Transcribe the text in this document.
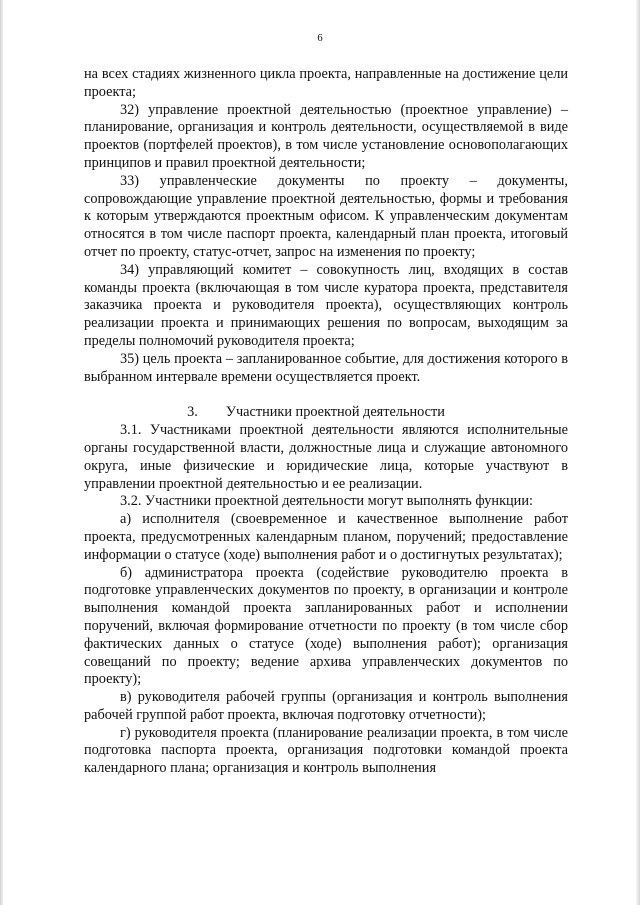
6

на всех стадиях жизненного цикла проекта, направленные на достижение цели проекта;

32) управление проектной деятельностью (проектное управление) – планирование, организация и контроль деятельности, осуществляемой в виде проектов (портфелей проектов), в том числе установление основополагающих принципов и правил проектной деятельности;

33) управленческие документы по проекту – документы, сопровождающие управление проектной деятельностью, формы и требования к которым утверждаются проектным офисом. К управленческим документам относятся в том числе паспорт проекта, календарный план проекта, итоговый отчет по проекту, статус-отчет, запрос на изменения по проекту;

34) управляющий комитет – совокупность лиц, входящих в состав команды проекта (включающая в том числе куратора проекта, представителя заказчика проекта и руководителя проекта), осуществляющих контроль реализации проекта и принимающих решения по вопросам, выходящим за пределы полномочий руководителя проекта;

35) цель проекта – запланированное событие, для достижения которого в выбранном интервале времени осуществляется проект.

3. Участники проектной деятельности

3.1. Участниками проектной деятельности являются исполнительные органы государственной власти, должностные лица и служащие автономного округа, иные физические и юридические лица, которые участвуют в управлении проектной деятельностью и ее реализации.

3.2. Участники проектной деятельности могут выполнять функции:

а) исполнителя (своевременное и качественное выполнение работ проекта, предусмотренных календарным планом, поручений; предоставление информации о статусе (ходе) выполнения работ и о достигнутых результатах);

б) администратора проекта (содействие руководителю проекта в подготовке управленческих документов по проекту, в организации и контроле выполнения командой проекта запланированных работ и исполнении поручений, включая формирование отчетности по проекту (в том числе сбор фактических данных о статусе (ходе) выполнения работ); организация совещаний по проекту; ведение архива управленческих документов по проекту);

в) руководителя рабочей группы (организация и контроль выполнения рабочей группой работ проекта, включая подготовку отчетности);

г) руководителя проекта (планирование реализации проекта, в том числе подготовка паспорта проекта, организация подготовки командой проекта календарного плана; организация и контроль выполнения
